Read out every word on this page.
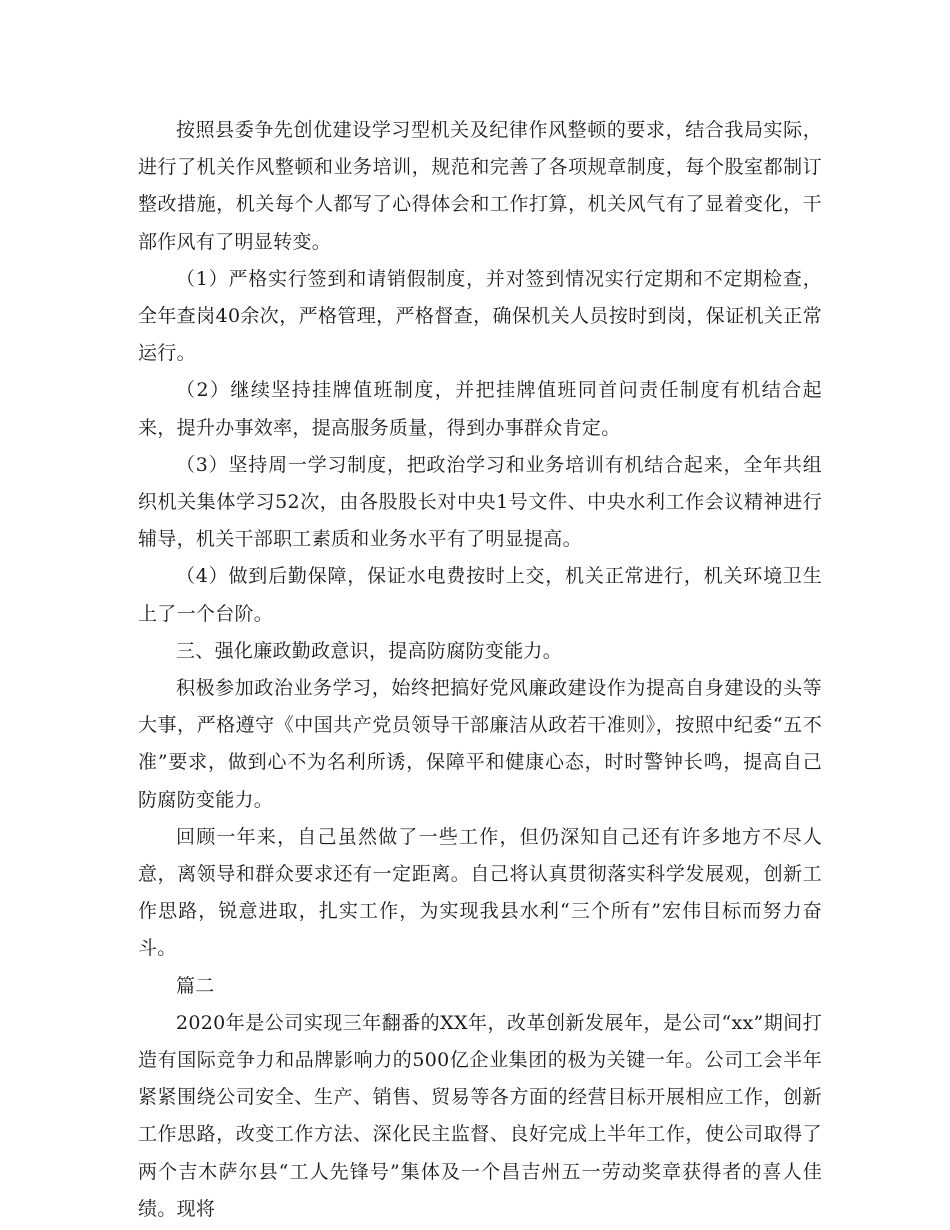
按照县委争先创优建设学习型机关及纪律作风整顿的要求，结合我局实际，进行了机关作风整顿和业务培训，规范和完善了各项规章制度，每个股室都制订整改措施，机关每个人都写了心得体会和工作打算，机关风气有了显着变化，干部作风有了明显转变。

（1）严格实行签到和请销假制度，并对签到情况实行定期和不定期检查，全年查岗40余次，严格管理，严格督查，确保机关人员按时到岗，保证机关正常运行。

（2）继续坚持挂牌值班制度，并把挂牌值班同首问责任制度有机结合起来，提升办事效率，提高服务质量，得到办事群众肯定。

（3）坚持周一学习制度，把政治学习和业务培训有机结合起来，全年共组织机关集体学习52次，由各股股长对中央1号文件、中央水利工作会议精神进行辅导，机关干部职工素质和业务水平有了明显提高。

（4）做到后勤保障，保证水电费按时上交，机关正常进行，机关环境卫生上了一个台阶。

三、强化廉政勤政意识，提高防腐防变能力。

积极参加政治业务学习，始终把搞好党风廉政建设作为提高自身建设的头等大事，严格遵守《中国共产党员领导干部廉洁从政若干准则》，按照中纪委“五不准”要求，做到心不为名利所诱，保障平和健康心态，时时警钟长鸣，提高自己防腐防变能力。

回顾一年来，自己虽然做了一些工作，但仍深知自己还有许多地方不尽人意，离领导和群众要求还有一定距离。自己将认真贯彻落实科学发展观，创新工作思路，锐意进取，扎实工作，为实现我县水利“三个所有”宏伟目标而努力奋斗。

篇二

2020年是公司实现三年翻番的XX年，改革创新发展年，是公司“xx”期间打造有国际竞争力和品牌影响力的500亿企业集团的极为关键一年。公司工会半年紧紧围绕公司安全、生产、销售、贸易等各方面的经营目标开展相应工作，创新工作思路，改变工作方法、深化民主监督、良好完成上半年工作，使公司取得了两个吉木萨尔县“工人先锋号”集体及一个昌吉州五一劳动奖章获得者的喜人佳绩。现将
